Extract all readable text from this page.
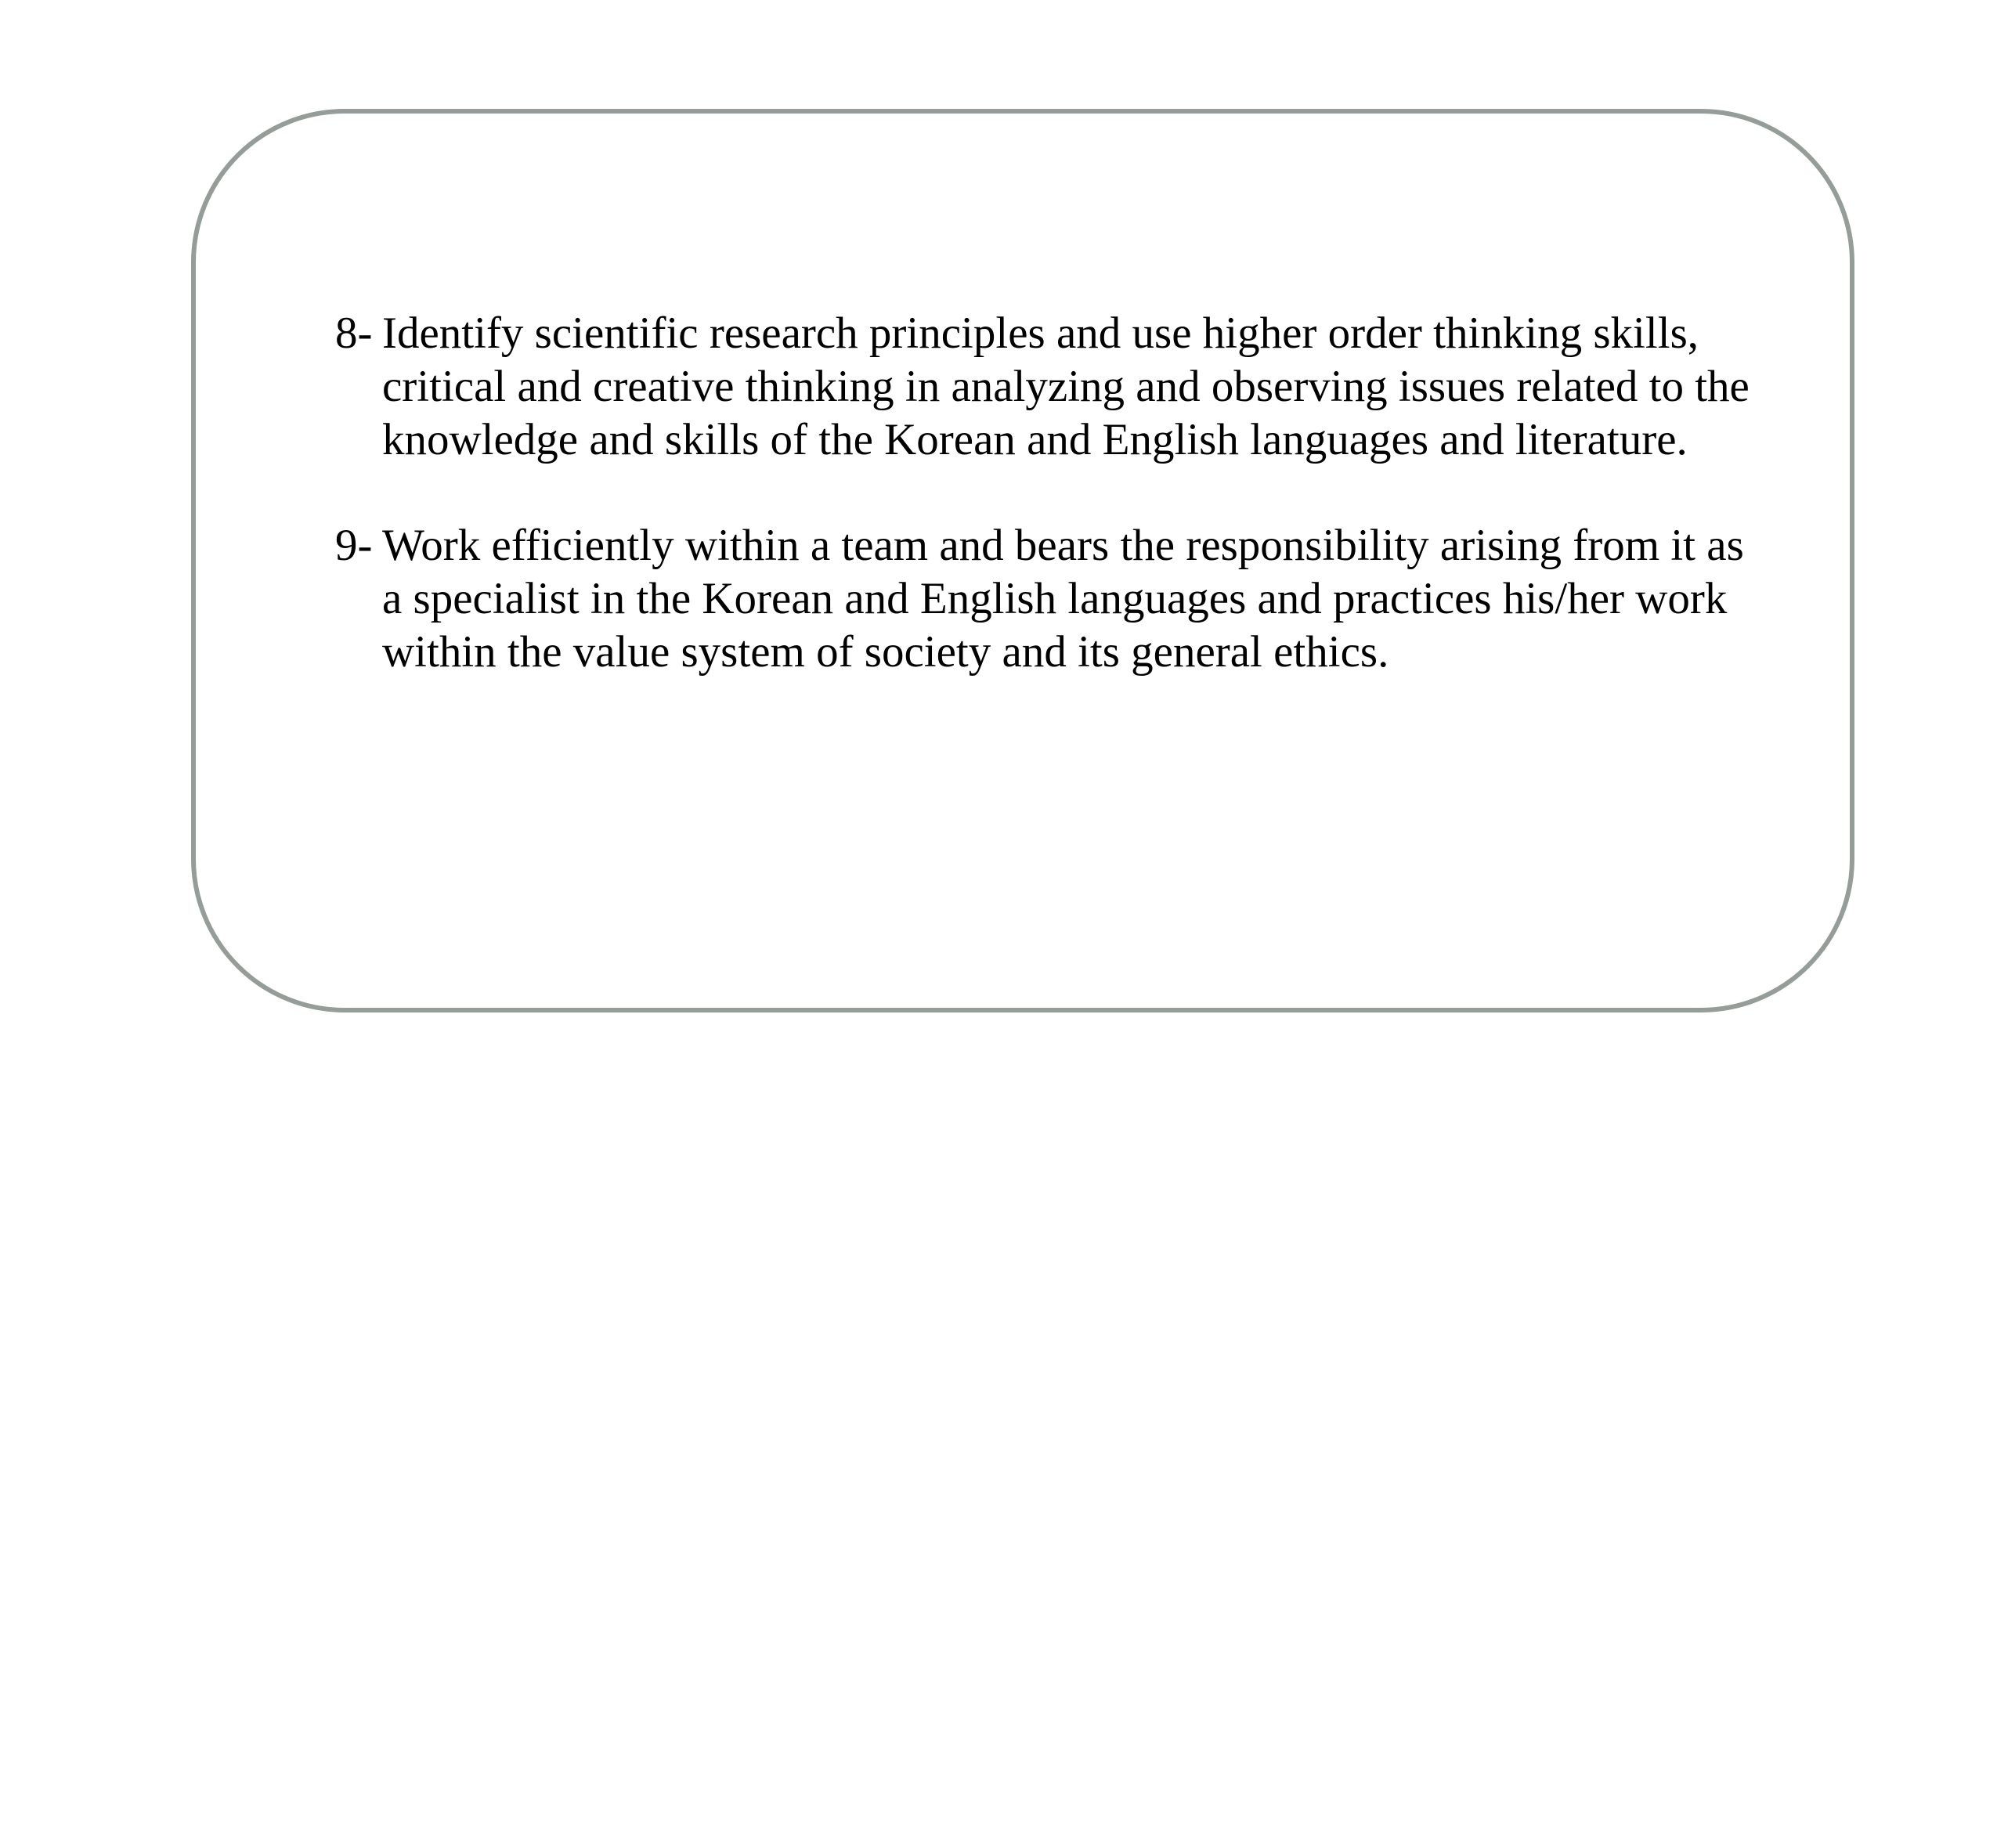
8- Identify scientific research principles and use higher order thinking skills, critical and creative thinking in analyzing and observing issues related to the knowledge and skills of the Korean and English languages and literature.
9- Work efficiently within a team and bears the responsibility arising from it as a specialist in the Korean and English languages and practices his/her work within the value system of society and its general ethics.
